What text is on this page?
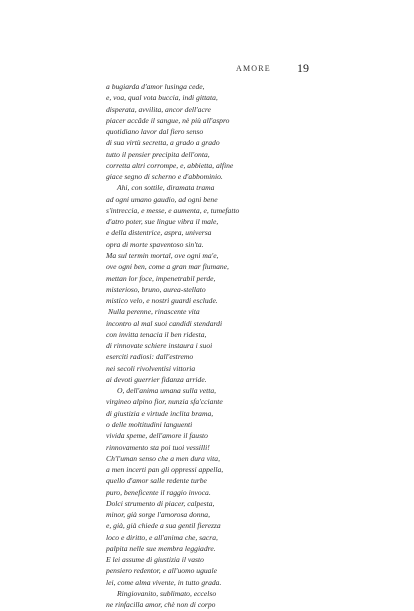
AMORE 19
a bugiarda d'amor lusinga cede,
e, voa, qual vota buccia, indi gittata,
disperata, avvilita, ancor dell'acre
piacer accâde il sangue, nè più all'aspro
quotidiano lavor dal fiero senso
di sua virtù secretta, a grado a grado
tutto il pensier precipita dell'onta,
corretta altri corrompe, e, abbietta, alfine
giace segno di scherno e d'abbominio.
Ahi, con sottile, diramata trama
ad ogni umano gaudio, ad ogni bene
s'intreccia, e messe, e aumenta, e, tumefatto
d'atro poter, sue lingue vibra il male,
e della distentrice, aspra, universa
opra di morte spaventoso sin'ta.
Ma sul termin mortal, ove ogni ma'e,
ove ogni ben, come a gran mar fiumane,
mettan lor foce, impenetrabil perde,
misterioso, bruno, aurea-stellato
mistico velo, e nostri guardi esclude.
Nulla perenne, rinascente vita
incontro al mal suoi candidi stendardi
con invitta tenacia il ben ridesta,
di rinnovate schiere instaura i suoi
eserciti radiosi: dall'estremo
nei secoli rivolventisi vittoria
ai devoti guerrier fidanza arride.
O, dell'anima umana sulla vetta,
virgineo alpino fior, nunzia sfa'cciante
di giustizia e virtude inclita brama,
o delle moltitudini languenti
vivida speme, dell'amore il fausto
rinnovamento sta poi tuoi vessilli!
Ch'l'uman senso che a men dura vita,
a men incerti pan gli oppressi appella,
quello d'amor salle redente turbe
puro, beneficente il raggio invoca.
Dolci strumento di piacer, calpesta,
minor, già sorge l'amorosa donna,
e, già, già chiede a sua gentil fierezza
loco e diritto, e all'anima che, sacra,
palpita nelle sue membra leggiadre.
E lei assume di giustizia il vasto
pensiero redentor, e all'uomo uguale
lei, come alma vivente, in tutto grada.
Ringiovanito, sublimato, eccelso
ne rinfacilla amor, chè non di corpo
